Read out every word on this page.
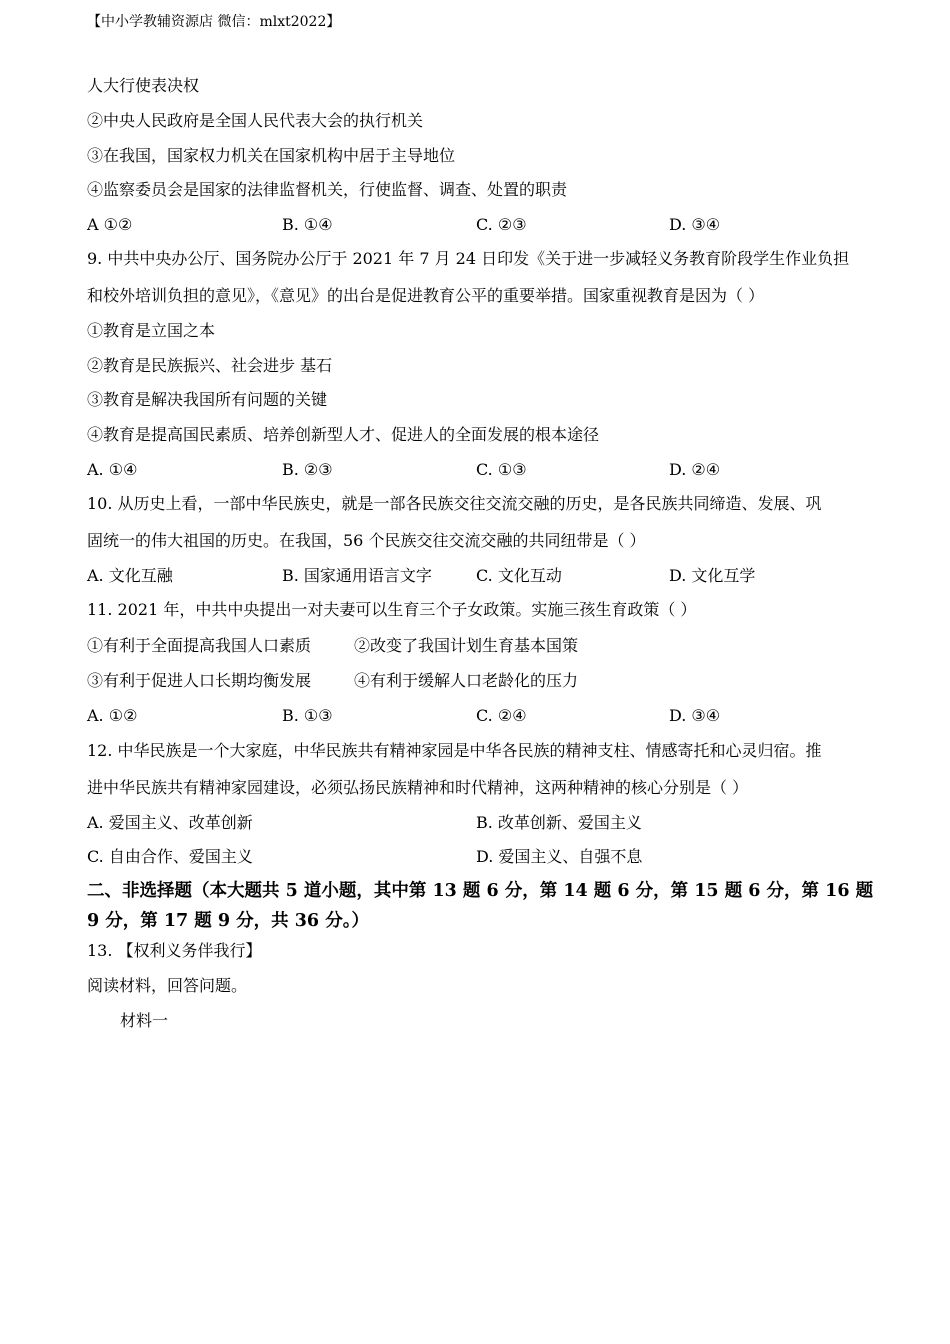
【中小学教辅资源店 微信：mlxt2022】
人大行使表决权
②中央人民政府是全国人民代表大会的执行机关
③在我国，国家权力机关在国家机构中居于主导地位
④监察委员会是国家的法律监督机关，行使监督、调查、处置的职责
A ①②	B. ①④	C. ②③	D. ③④
9. 中共中央办公厅、国务院办公厅于 2021 年 7 月 24 日印发《关于进一步减轻义务教育阶段学生作业负担
和校外培训负担的意见》，《意见》的出台是促进教育公平的重要举措。国家重视教育是因为（ ）
①教育是立国之本
②教育是民族振兴、社会进步 基石
③教育是解决我国所有问题的关键
④教育是提高国民素质、培养创新型人才、促进人的全面发展的根本途径
A. ①④	B. ②③	C. ①③	D. ②④
10. 从历史上看，一部中华民族史，就是一部各民族交往交流交融的历史，是各民族共同缔造、发展、巩
固统一的伟大祖国的历史。在我国，56 个民族交往交流交融的共同纽带是（ ）
A. 文化互融	B. 国家通用语言文字	C. 文化互动	D. 文化互学
11. 2021 年，中共中央提出一对夫妻可以生育三个子女政策。实施三孩生育政策（ ）
①有利于全面提高我国人口素质	②改变了我国计划生育基本国策
③有利于促进人口长期均衡发展	④有利于缓解人口老龄化的压力
A. ①②	B. ①③	C. ②④	D. ③④
12. 中华民族是一个大家庭，中华民族共有精神家园是中华各民族的精神支柱、情感寄托和心灵归宿。推
进中华民族共有精神家园建设，必须弘扬民族精神和时代精神，这两种精神的核心分别是（ ）
A. 爱国主义、改革创新	B. 改革创新、爱国主义
C. 自由合作、爱国主义	D. 爱国主义、自强不息
二、非选择题（本大题共 5 道小题，其中第 13 题 6 分，第 14 题 6 分，第 15 题 6 分，第 16 题
9 分，第 17 题 9 分，共 36 分。）
13. 【权利义务伴我行】
阅读材料，回答问题。
材料一
